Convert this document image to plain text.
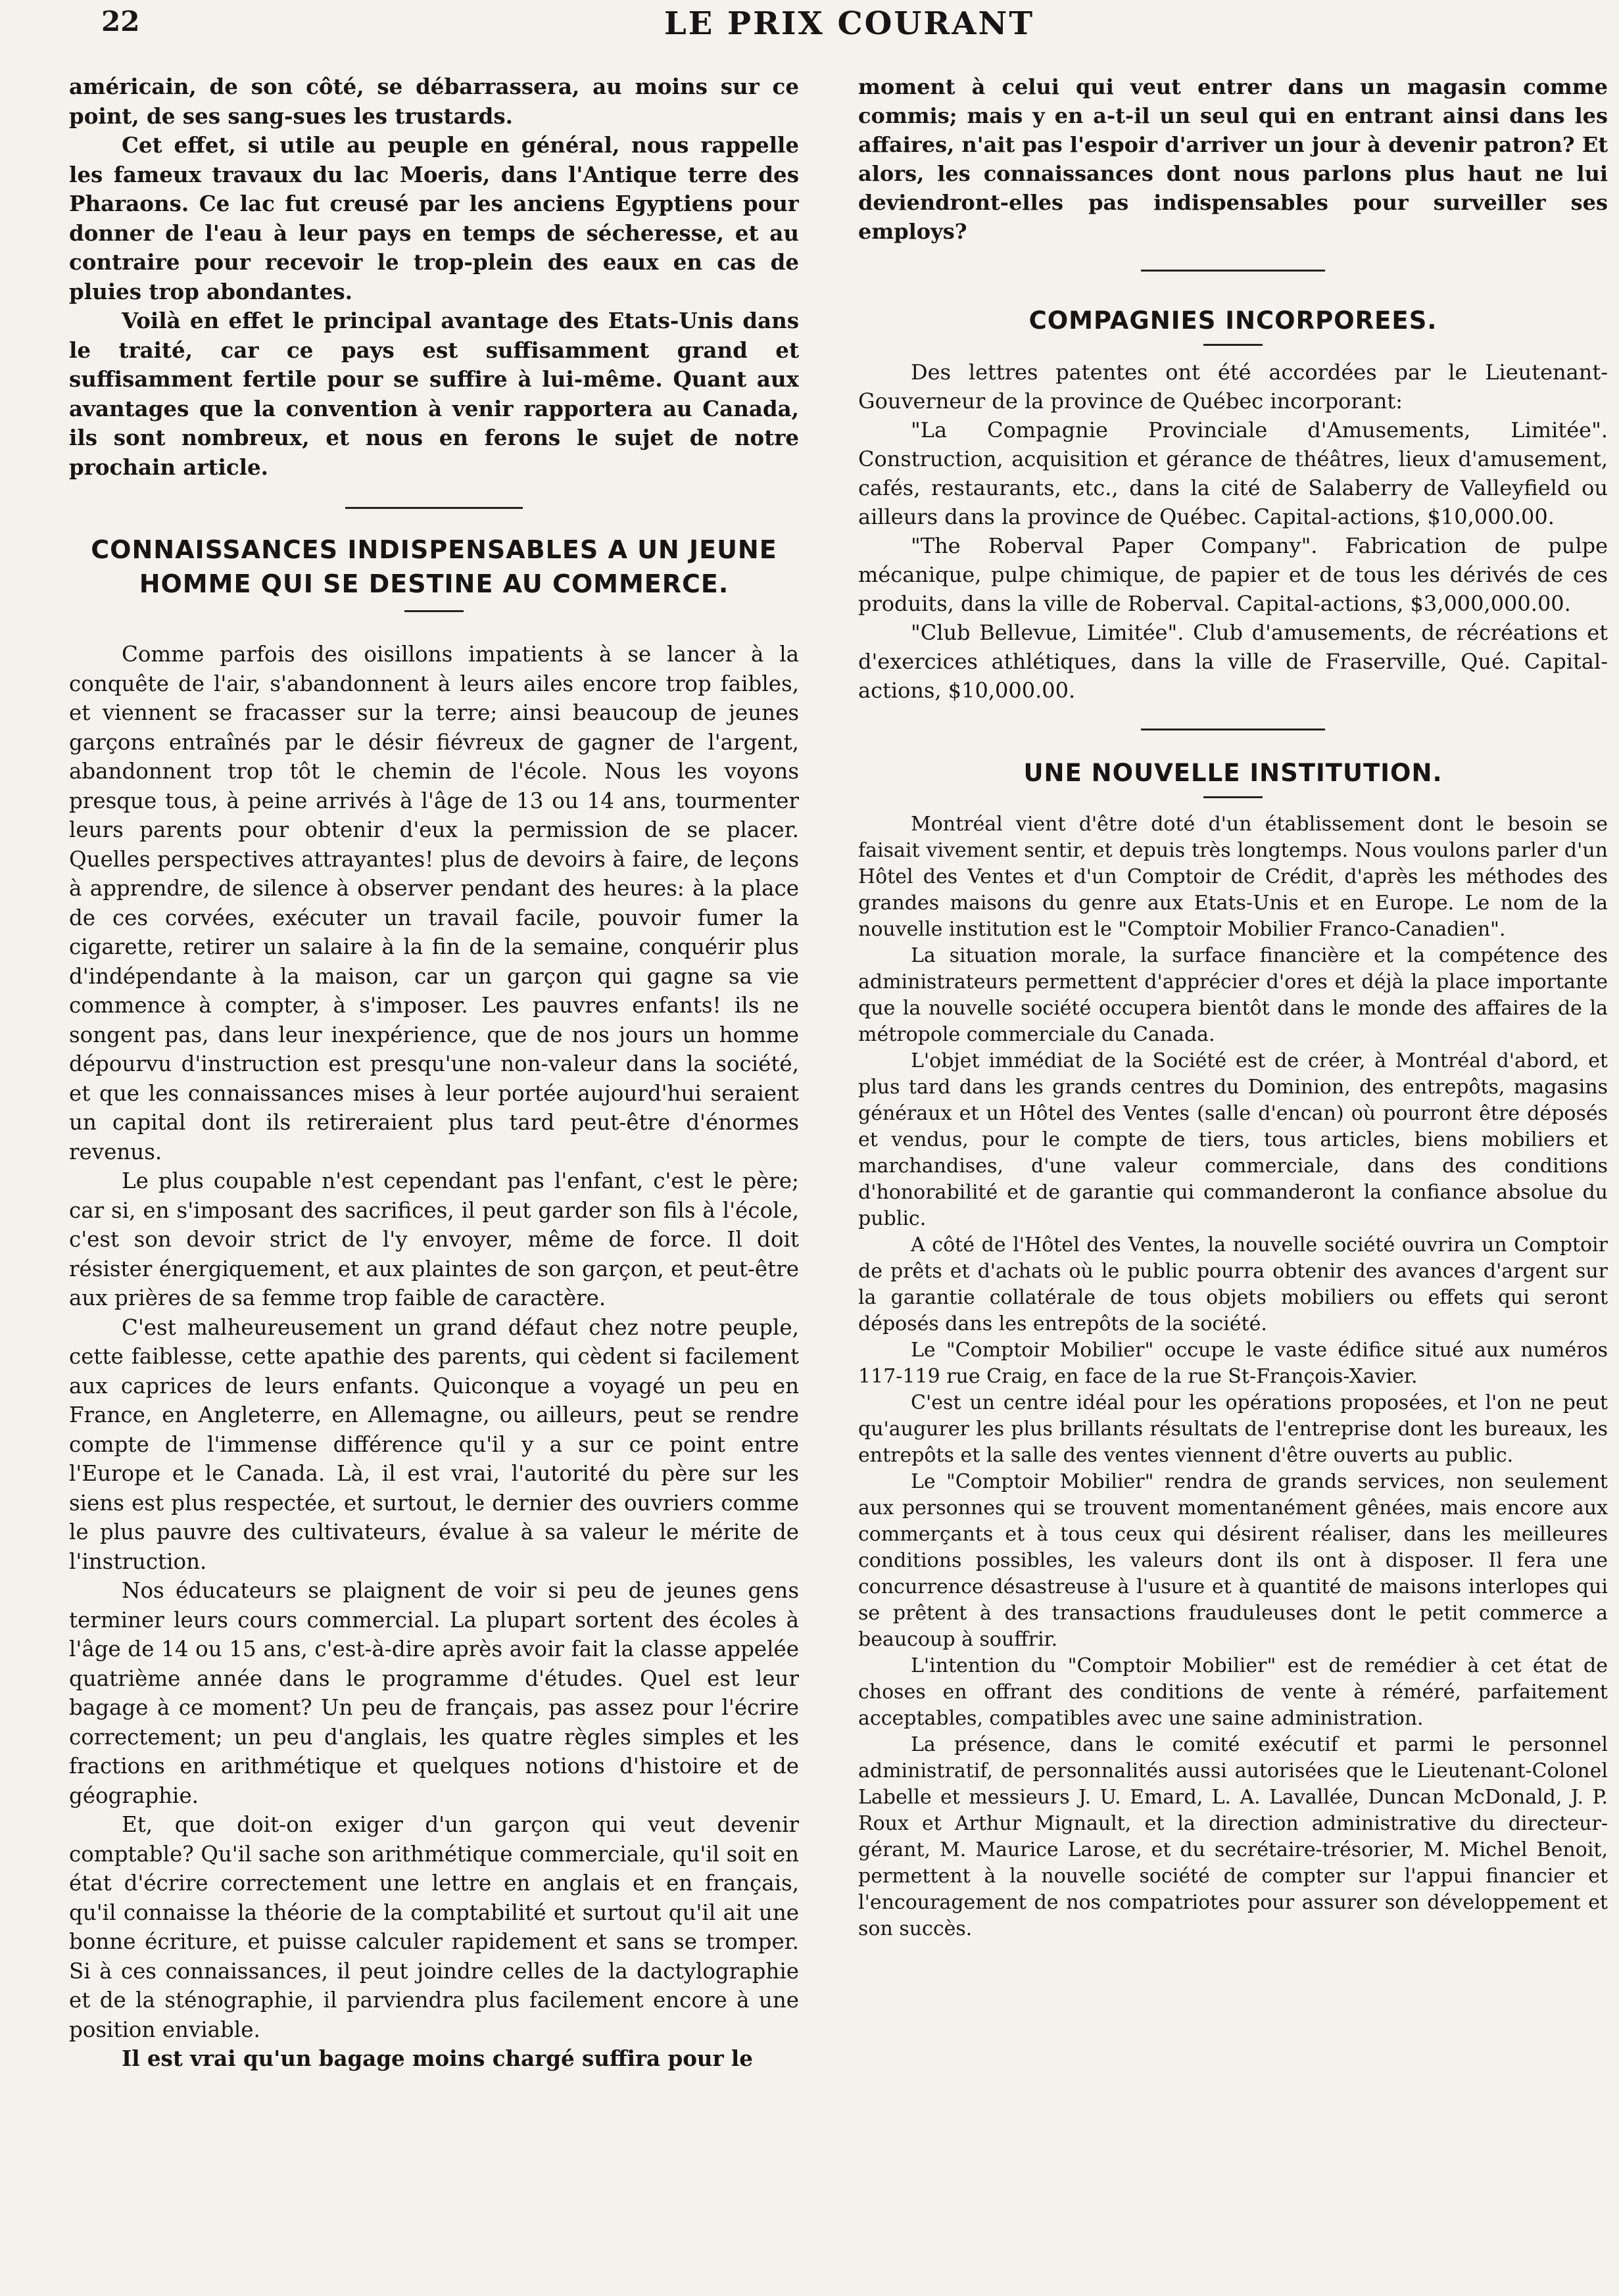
22	LE PRIX COURANT

américain, de son côté, se débarrassera, au moins sur ce point, de ses sang-sues les trustards.

Cet effet, si utile au peuple en général, nous rappelle les fameux travaux du lac Moeris, dans l'Antique terre des Pharaons. Ce lac fut creusé par les anciens Egyptiens pour donner de l'eau à leur pays en temps de sécheresse, et au contraire pour recevoir le trop-plein des eaux en cas de pluies trop abondantes.

Voilà en effet le principal avantage des Etats-Unis dans le traité, car ce pays est suffisamment grand et suffisamment fertile pour se suffire à lui-même. Quant aux avantages que la convention à venir rapportera au Canada, ils sont nombreux, et nous en ferons le sujet de notre prochain article.

CONNAISSANCES INDISPENSABLES A UN JEUNE HOMME QUI SE DESTINE AU COMMERCE.

Comme parfois des oisillons impatients à se lancer à la conquête de l'air, s'abandonnent à leurs ailes encore trop faibles, et viennent se fracasser sur la terre; ainsi beaucoup de jeunes garçons entraînés par le désir fiévreux de gagner de l'argent, abandonnent trop tôt le chemin de l'école. Nous les voyons presque tous, à peine arrivés à l'âge de 13 ou 14 ans, tourmenter leurs parents pour obtenir d'eux la permission de se placer. Quelles perspectives attrayantes! plus de devoirs à faire, de leçons à apprendre, de silence à observer pendant des heures: à la place de ces corvées, exécuter un travail facile, pouvoir fumer la cigarette, retirer un salaire à la fin de la semaine, conquérir plus d'indépendante à la maison, car un garçon qui gagne sa vie commence à compter, à s'imposer. Les pauvres enfants! ils ne songent pas, dans leur inexpérience, que de nos jours un homme dépourvu d'instruction est presqu'une non-valeur dans la société, et que les connaissances mises à leur portée aujourd'hui seraient un capital dont ils retireraient plus tard peut-être d'énormes revenus.

Le plus coupable n'est cependant pas l'enfant, c'est le père; car si, en s'imposant des sacrifices, il peut garder son fils à l'école, c'est son devoir strict de l'y envoyer, même de force. Il doit résister énergiquement, et aux plaintes de son garçon, et peut-être aux prières de sa femme trop faible de caractère.

C'est malheureusement un grand défaut chez notre peuple, cette faiblesse, cette apathie des parents, qui cèdent si facilement aux caprices de leurs enfants. Quiconque a voyagé un peu en France, en Angleterre, en Allemagne, ou ailleurs, peut se rendre compte de l'immense différence qu'il y a sur ce point entre l'Europe et le Canada. Là, il est vrai, l'autorité du père sur les siens est plus respectée, et surtout, le dernier des ouvriers comme le plus pauvre des cultivateurs, évalue à sa valeur le mérite de l'instruction.

Nos éducateurs se plaignent de voir si peu de jeunes gens terminer leurs cours commercial. La plupart sortent des écoles à l'âge de 14 ou 15 ans, c'est-à-dire après avoir fait la classe appelée quatrième année dans le programme d'études. Quel est leur bagage à ce moment? Un peu de français, pas assez pour l'écrire correctement; un peu d'anglais, les quatre règles simples et les fractions en arithmétique et quelques notions d'histoire et de géographie.

Et, que doit-on exiger d'un garçon qui veut devenir comptable? Qu'il sache son arithmétique commerciale, qu'il soit en état d'écrire correctement une lettre en anglais et en français, qu'il connaisse la théorie de la comptabilité et surtout qu'il ait une bonne écriture, et puisse calculer rapidement et sans se tromper. Si à ces connaissances, il peut joindre celles de la dactylographie et de la sténographie, il parviendra plus facilement encore à une position enviable.

Il est vrai qu'un bagage moins chargé suffira pour le

moment à celui qui veut entrer dans un magasin comme commis; mais y en a-t-il un seul qui en entrant ainsi dans les affaires, n'ait pas l'espoir d'arriver un jour à devenir patron? Et alors, les connaissances dont nous parlons plus haut ne lui deviendront-elles pas indispensables pour surveiller ses employs?

COMPAGNIES INCORPOREES.

Des lettres patentes ont été accordées par le Lieutenant-Gouverneur de la province de Québec incorporant:

"La Compagnie Provinciale d'Amusements, Limitée". Construction, acquisition et gérance de théâtres, lieux d'amusement, cafés, restaurants, etc., dans la cité de Salaberry de Valleyfield ou ailleurs dans la province de Québec. Capital-actions, $10,000.00.

"The Roberval Paper Company". Fabrication de pulpe mécanique, pulpe chimique, de papier et de tous les dérivés de ces produits, dans la ville de Roberval. Capital-actions, $3,000,000.00.

"Club Bellevue, Limitée". Club d'amusements, de récréations et d'exercices athlétiques, dans la ville de Fraserville, Qué. Capital-actions, $10,000.00.

UNE NOUVELLE INSTITUTION.

Montréal vient d'être doté d'un établissement dont le besoin se faisait vivement sentir, et depuis très longtemps. Nous voulons parler d'un Hôtel des Ventes et d'un Comptoir de Crédit, d'après les méthodes des grandes maisons du genre aux Etats-Unis et en Europe. Le nom de la nouvelle institution est le "Comptoir Mobilier Franco-Canadien".

La situation morale, la surface financière et la compétence des administrateurs permettent d'apprécier d'ores et déjà la place importante que la nouvelle société occupera bientôt dans le monde des affaires de la métropole commerciale du Canada.

L'objet immédiat de la Société est de créer, à Montréal d'abord, et plus tard dans les grands centres du Dominion, des entrepôts, magasins généraux et un Hôtel des Ventes (salle d'encan) où pourront être déposés et vendus, pour le compte de tiers, tous articles, biens mobiliers et marchandises, d'une valeur commerciale, dans des conditions d'honorabilité et de garantie qui commanderont la confiance absolue du public.

A côté de l'Hôtel des Ventes, la nouvelle société ouvrira un Comptoir de prêts et d'achats où le public pourra obtenir des avances d'argent sur la garantie collatérale de tous objets mobiliers ou effets qui seront déposés dans les entrepôts de la société.

Le "Comptoir Mobilier" occupe le vaste édifice situé aux numéros 117-119 rue Craig, en face de la rue St-François-Xavier.

C'est un centre idéal pour les opérations proposées, et l'on ne peut qu'augurer les plus brillants résultats de l'entreprise dont les bureaux, les entrepôts et la salle des ventes viennent d'être ouverts au public.

Le "Comptoir Mobilier" rendra de grands services, non seulement aux personnes qui se trouvent momentanément gênées, mais encore aux commerçants et à tous ceux qui désirent réaliser, dans les meilleures conditions possibles, les valeurs dont ils ont à disposer. Il fera une concurrence désastreuse à l'usure et à quantité de maisons interlopes qui se prêtent à des transactions frauduleuses dont le petit commerce a beaucoup à souffrir.

L'intention du "Comptoir Mobilier" est de remédier à cet état de choses en offrant des conditions de vente à réméré, parfaitement acceptables, compatibles avec une saine administration.

La présence, dans le comité exécutif et parmi le personnel administratif, de personnalités aussi autorisées que le Lieutenant-Colonel Labelle et messieurs J. U. Emard, L. A. Lavallée, Duncan McDonald, J. P. Roux et Arthur Mignault, et la direction administrative du directeur-gérant, M. Maurice Larose, et du secrétaire-trésorier, M. Michel Benoit, permettent à la nouvelle société de compter sur l'appui financier et l'encouragement de nos compatriotes pour assurer son développement et son succès.
